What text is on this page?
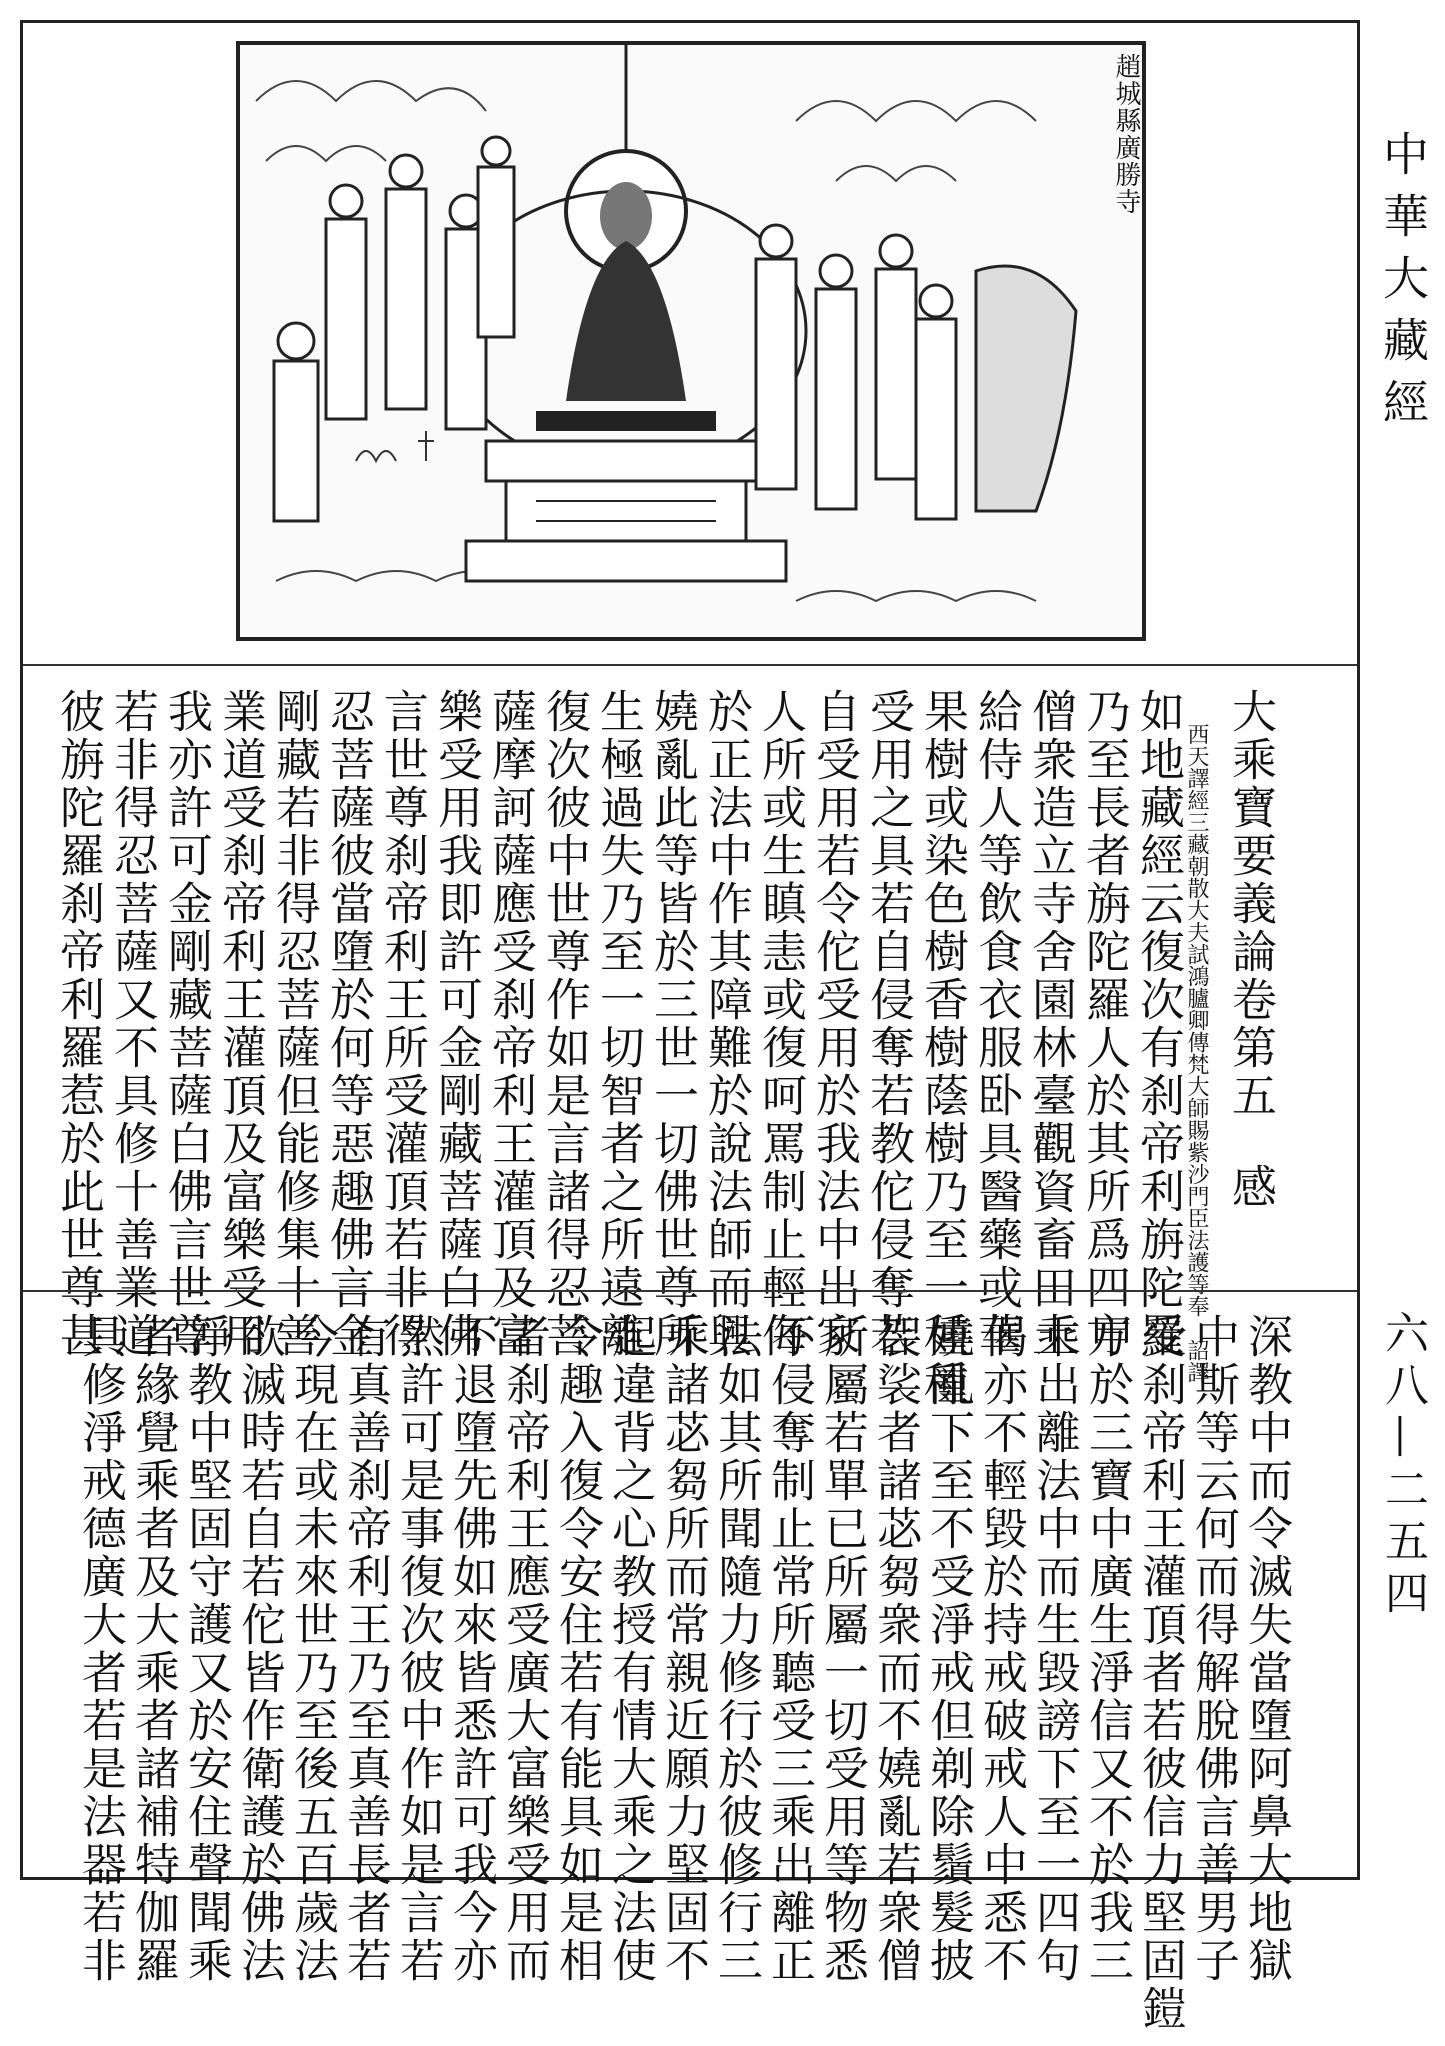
趙城縣廣勝寺
大乘寶要義論卷第五
感
西天譯經三藏朝散大夫試鴻臚卿傳梵大師賜紫沙門臣法護等奉　詔譯
如地藏經云復次有刹帝利旃陀羅
乃至長者旃陀羅人於其所爲四方
僧衆造立寺舍園林臺觀資畜田土
給侍人等飲食衣服卧具醫藥或華
果樹或染色樹香樹蔭樹乃至一種種
受用之具若自侵奪若教佗侵奪若
自受用若令佗受用於我法中出家
人所或生瞋恚或復呵罵制止輕侮
於正法中作其障難於說法師而興
嬈亂此等皆於三世一切佛世尊所
生極過失乃至一切智者之所遠離
復次彼中世尊作如是言諸得忍菩
薩摩訶薩應受刹帝利王灌頂及富
樂受用我即許可金剛藏菩薩白佛
言世尊刹帝利王所受灌頂若非得
忍菩薩彼當墮於何等惡趣佛言金
剛藏若非得忍菩薩但能修集十善
業道受刹帝利王灌頂及富樂受用
我亦許可金剛藏菩薩白佛言世尊
若非得忍菩薩又不具修十善業道
彼旃陀羅刹帝利羅惹於此世尊甚
深教中而令滅失當墮阿鼻大地獄
中斯等云何而得解脫佛言善男子
受刹帝利王灌頂者若彼信力堅固鎧
甲於三寶中廣生淨信又不於我三
乘出離法中而生毀謗下至一四句
偈亦不輕毀於持戒破戒人中悉不
嬈亂下至不受淨戒但剃除鬚髮披
袈裟者諸苾芻衆而不嬈亂若衆僧
所屬若單已所屬一切受用等物悉
不侵奪制止常所聽受三乘出離正
法如其所聞隨力修行於彼修行三
乘諸苾芻所而常親近願力堅固不
起違背之心教授有情大乘之法使
令趣入復令安住若有能具如是相
者刹帝利王應受廣大富樂受用而
不退墮先佛如來皆悉許可我今亦
然許可是事復次彼中作如是言若
有真善刹帝利王乃至真善長者若
今現在或未來世乃至後五百歲法
欲滅時若自若佗皆作衛護於佛法
淨教中堅固守護又於安住聲聞乘
者緣覺乘者及大乘者諸補特伽羅
具修淨戒德廣大者若是法器若非
中華大藏經
六八—二五四
